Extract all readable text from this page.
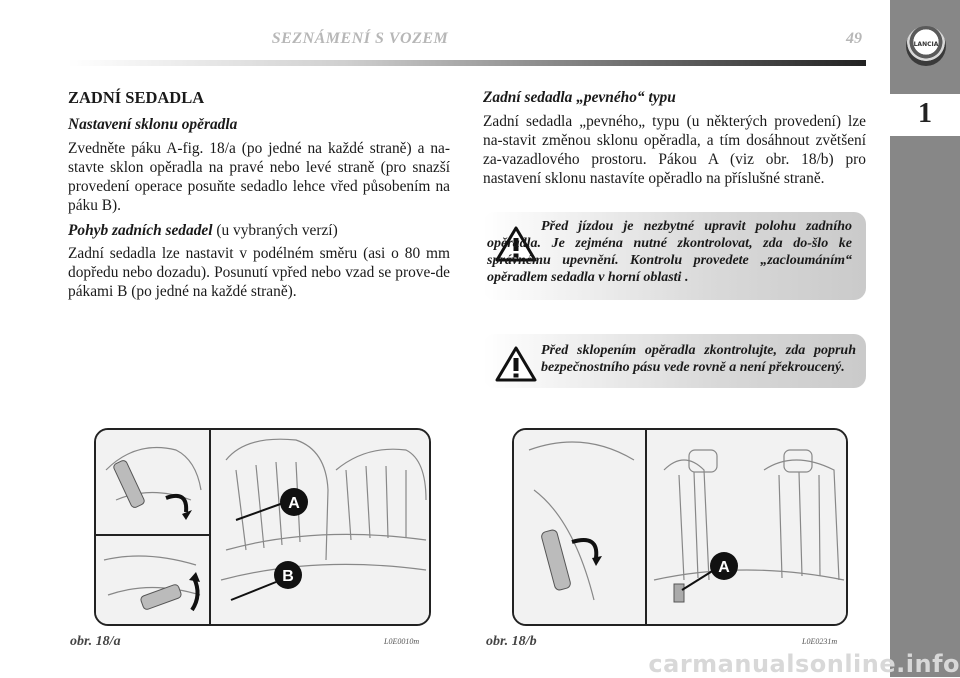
SEZNÁMENÍ S VOZEM	49	LANCIA
1
ZADNÍ SEDADLA
Nastavení sklonu opěradla

Zvedněte páku A-fig. 18/a (po jedné na každé straně) a na-stavte sklon opěradla na pravé nebo levé straně (pro snazší provedení operace posuňte sedadlo lehce vřed působením na páku B).

Pohyb zadních sedadel (u vybraných verzí)

Zadní sedadla lze nastavit v podélném směru (asi o 80 mm dopředu nebo dozadu). Posunutí vpřed nebo vzad se prove-de pákami B (po jedné na každé straně).

Zadní sedadla „pevného“ typu

Zadní sedadla „pevného„ typu (u některých provedení) lze na-stavit změnou sklonu opěradla, a tím dosáhnout zvětšení za-vazadlového prostoru. Pákou A (viz obr. 18/b) pro nastavení sklonu nastavíte opěradlo na příslušné straně.

Před jízdou je nezbytné upravit polohu zadního opěradla. Je zejména nutné zkontrolovat, zda do-šlo ke správnému upevnění. Kontrolu provedete „zacloumáním“ opěradlem sedadla v horní oblasti .
Před sklopením opěradla zkontrolujte, zda popruh bezpečnostního pásu vede rovně a není překroucený.
A
B
A
obr. 18/a	L0E0010m	obr. 18/b	L0E0231m
carmanualsonline.info
